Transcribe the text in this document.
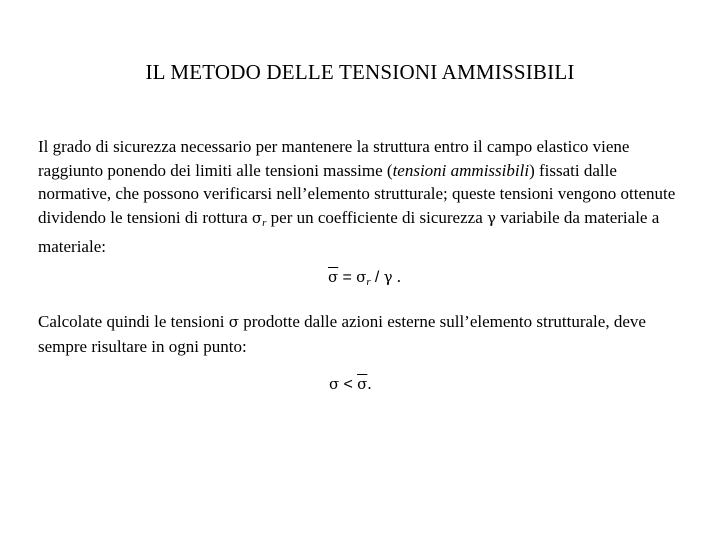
IL METODO DELLE TENSIONI AMMISSIBILI
Il grado di sicurezza necessario per mantenere la struttura entro il campo elastico viene raggiunto ponendo dei limiti alle tensioni massime (tensioni ammissibili) fissati dalle normative, che possono verificarsi nell’elemento strutturale; queste tensioni vengono ottenute dividendo le tensioni di rottura $\sigma_r$ per un coefficiente di sicurezza γ variabile da materiale a materiale:
$\overline{\sigma} = \sigma_r / \gamma$ .
Calcolate quindi le tensioni σ prodotte dalle azioni esterne sull’elemento strutturale, deve sempre risultare in ogni punto:
$\sigma < \overline{\sigma}$.
